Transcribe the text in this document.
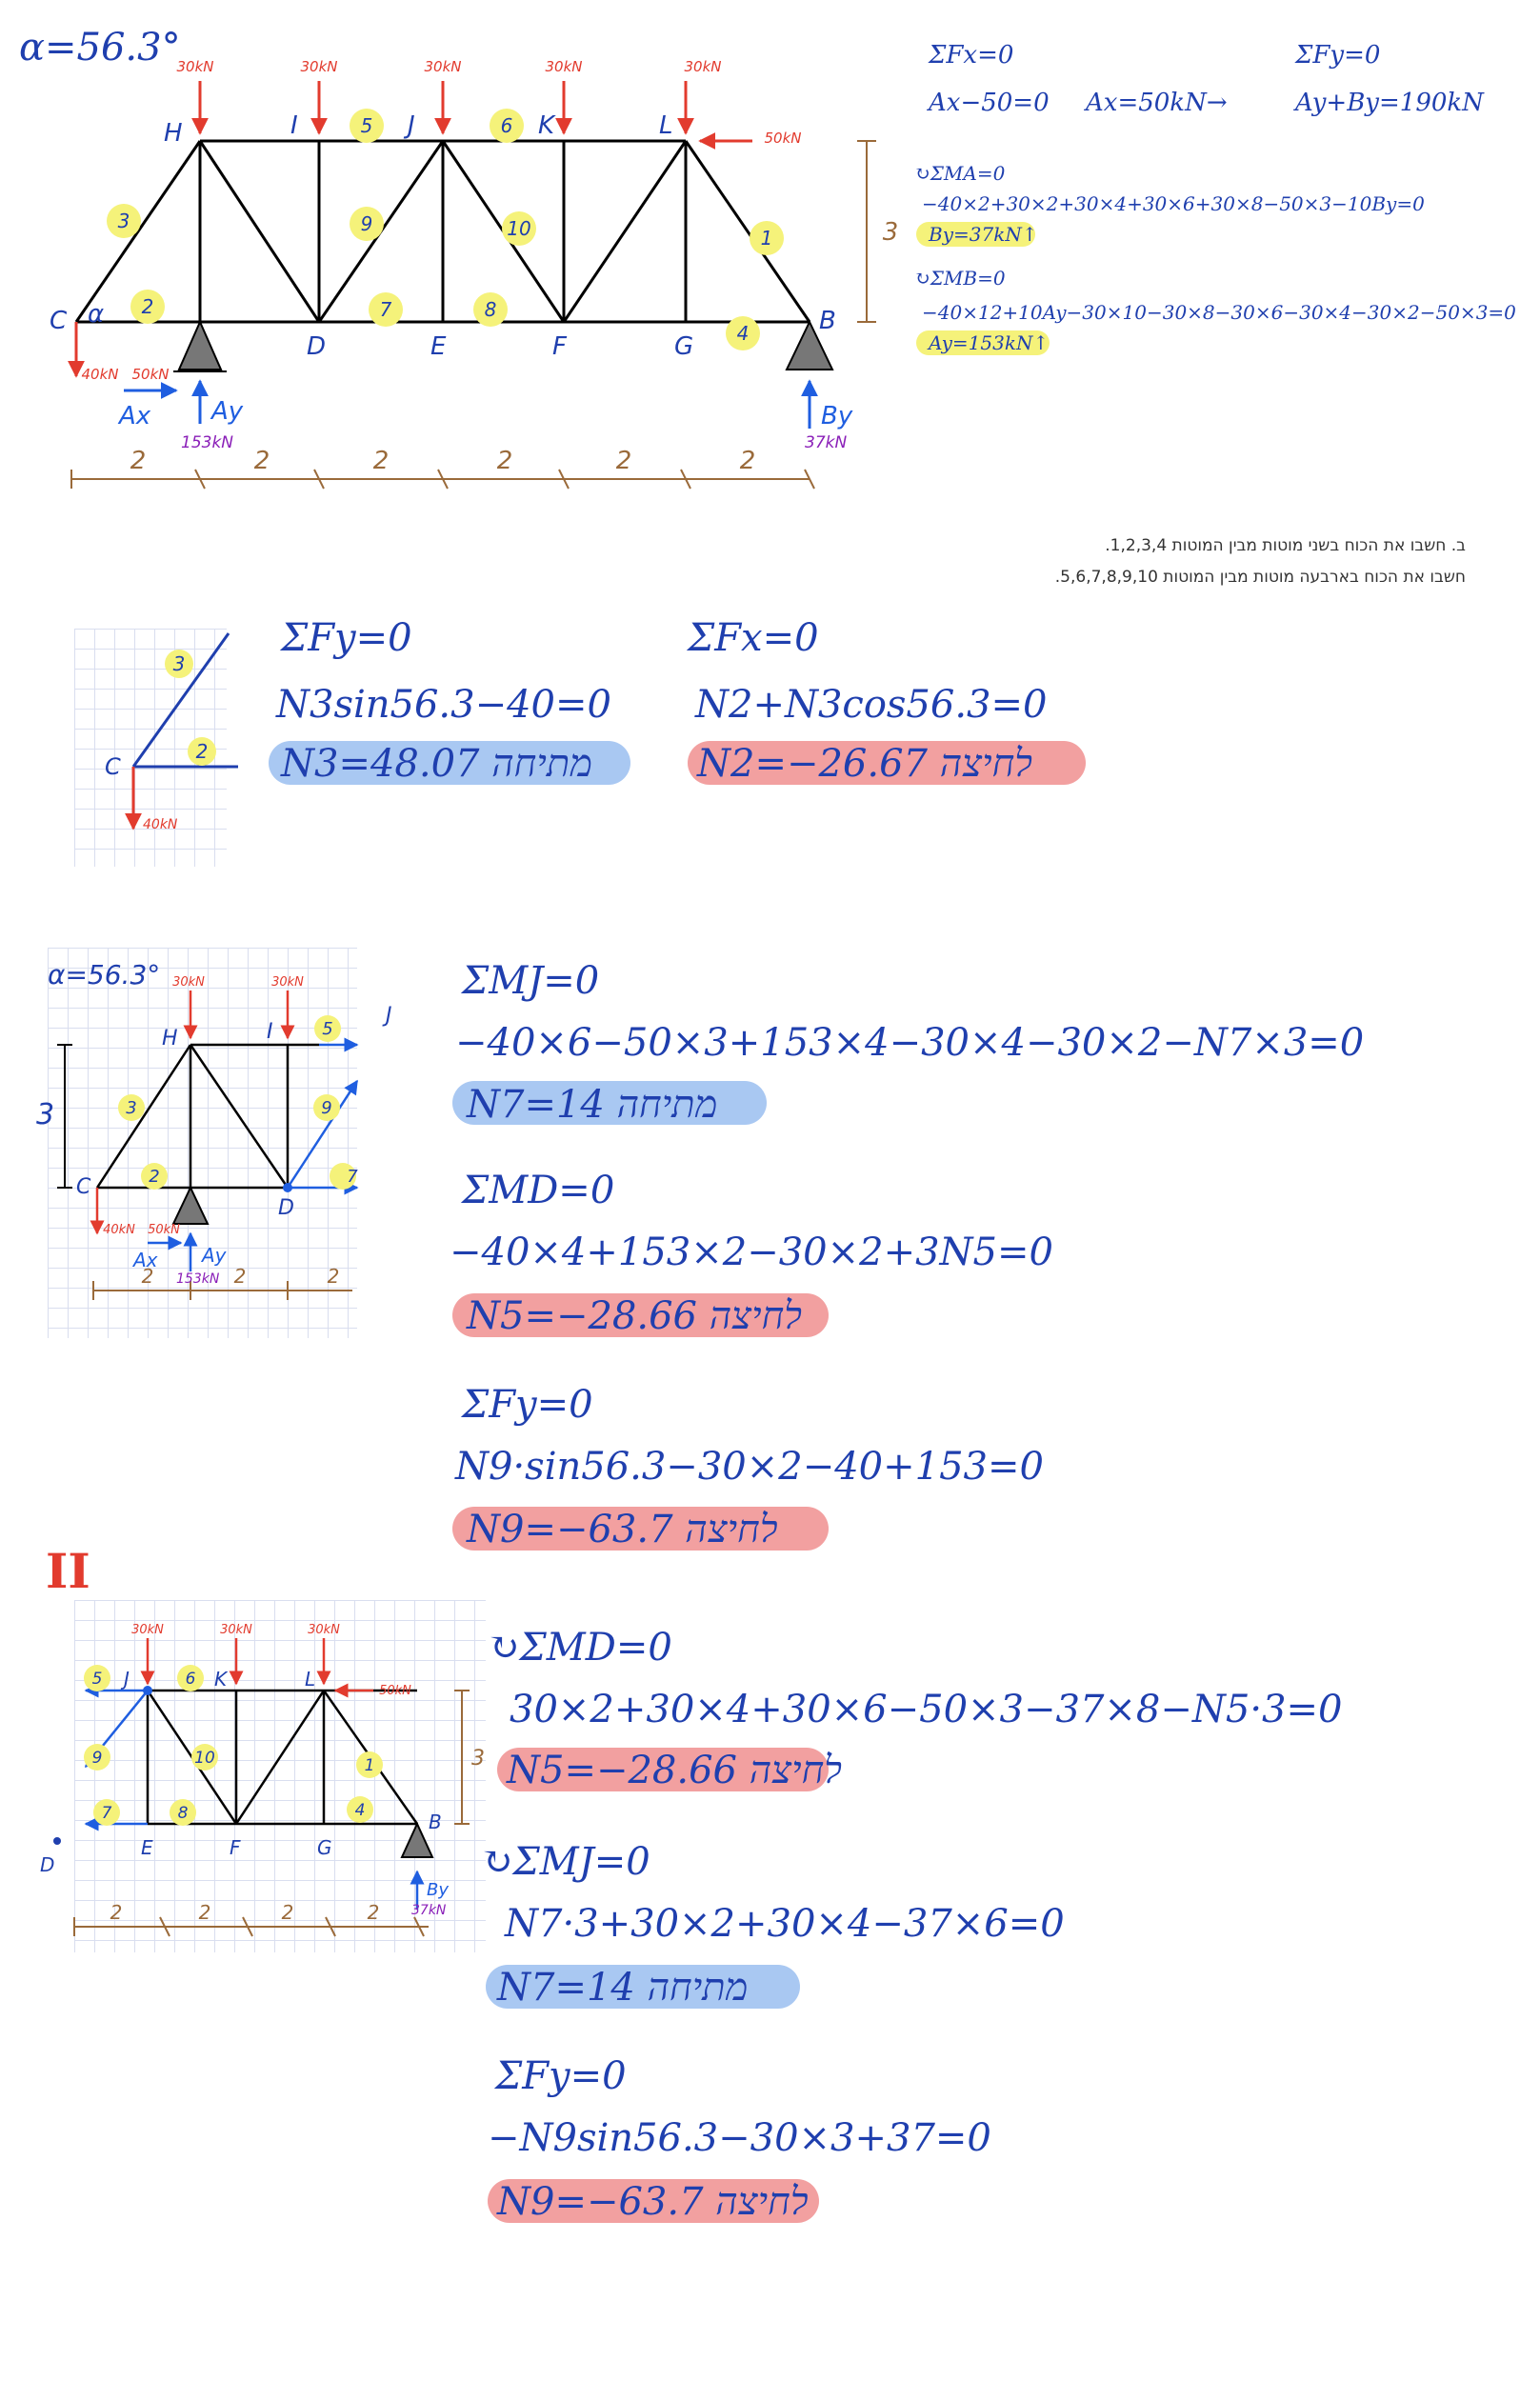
α=56.3°
3
2
5	6
9	10
7	8
1
4
C α
H	I	J	K	L
D	E	F	G
B
30kN	30kN	30kN	30kN	30kN
50kN
40kN 50kN
Ax Ay	By
153kN	37kN
3
2	2	2	2	2	2
ΣFx=0
Ax−50=0 Ax=50kN→
ΣFy=0
Ay+By=190kN
↻ΣMA=0
−40×2+30×2+30×4+30×6+30×8−50×3−10By=0
By=37kN↑
↻ΣMB=0
−40×12+10Ay−30×10−30×8−30×6−30×4−30×2−50×3=0
Ay=153kN↑
ב. חשבו את הכוח בשני מוטות מבין המוטות 1,2,3,4.
חשבו את הכוח בארבעה מוטות מבין המוטות 5,6,7,8,9,10.
3
2
C
40kN
ΣFy=0
N3sin56.3−40=0
N3=48.07 מתיחה
ΣFx=0
N2+N3cos56.3=0
N2=−26.67 לחיצה
α=56.3°
3
2
5
9
7
H	I
C
D
J
3
30kN	30kN
40kN 50kN
Ax Ay
153kN
2	2	2
ΣMJ=0
−40×6−50×3+153×4−30×4−30×2−N7×3=0
N7=14 מתיחה
ΣMD=0
−40×4+153×2−30×2+3N5=0
N5=−28.66 לחיצה
ΣFy=0
N9·sin56.3−30×2−40+153=0
N9=−63.7 לחיצה
II
5	6
9	10	1
7	8	4
J	K	L
D
E	F	G
B
30kN	30kN	30kN
50kN
3
By
37kN
2	2	2	2
↻ΣMD=0
30×2+30×4+30×6−50×3−37×8−N5·3=0
N5=−28.66 לחיצה
↻ΣMJ=0
N7·3+30×2+30×4−37×6=0
N7=14 מתיחה
ΣFy=0
−N9sin56.3−30×3+37=0
N9=−63.7 לחיצה
